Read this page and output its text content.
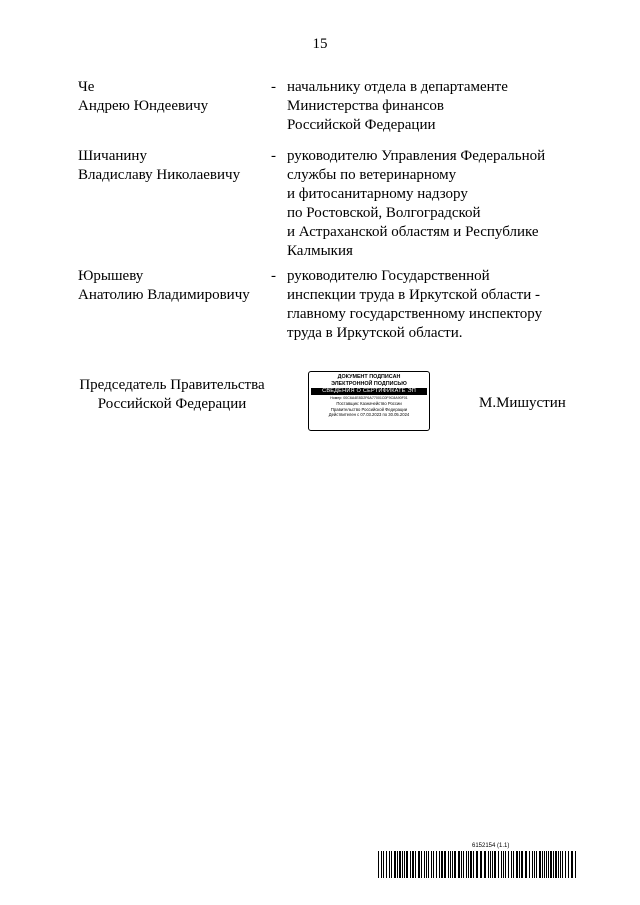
15
Че
Андрею Юндеевичу
- начальнику отдела в департаменте
Министерства финансов
Российской Федерации
Шичанину
Владиславу Николаевичу
- руководителю Управления Федеральной
службы по ветеринарному
и фитосанитарному надзору
по Ростовской, Волгоградской
и Астраханской областям и Республике
Калмыкия
Юрышеву
Анатолию Владимировичу
- руководителю Государственной
инспекции труда в Иркутской области -
главному государственному инспектору
труда в Иркутской области.
Председатель Правительства
Российской Федерации
ДОКУМЕНТ ПОДПИСАН
ЭЛЕКТРОННОЙ ПОДПИСЬЮ
СВЕДЕНИЯ О СЕРТИФИКАТЕ ЭП
Номер: 00C6A4E8D2F6A77001C0F9C8A90F01
Поставщик: Казначейство России
Правительство Российской Федерации
Действителен с 07.03.2023 по 30.05.2024
М.Мишустин
6152154 (1.1)
